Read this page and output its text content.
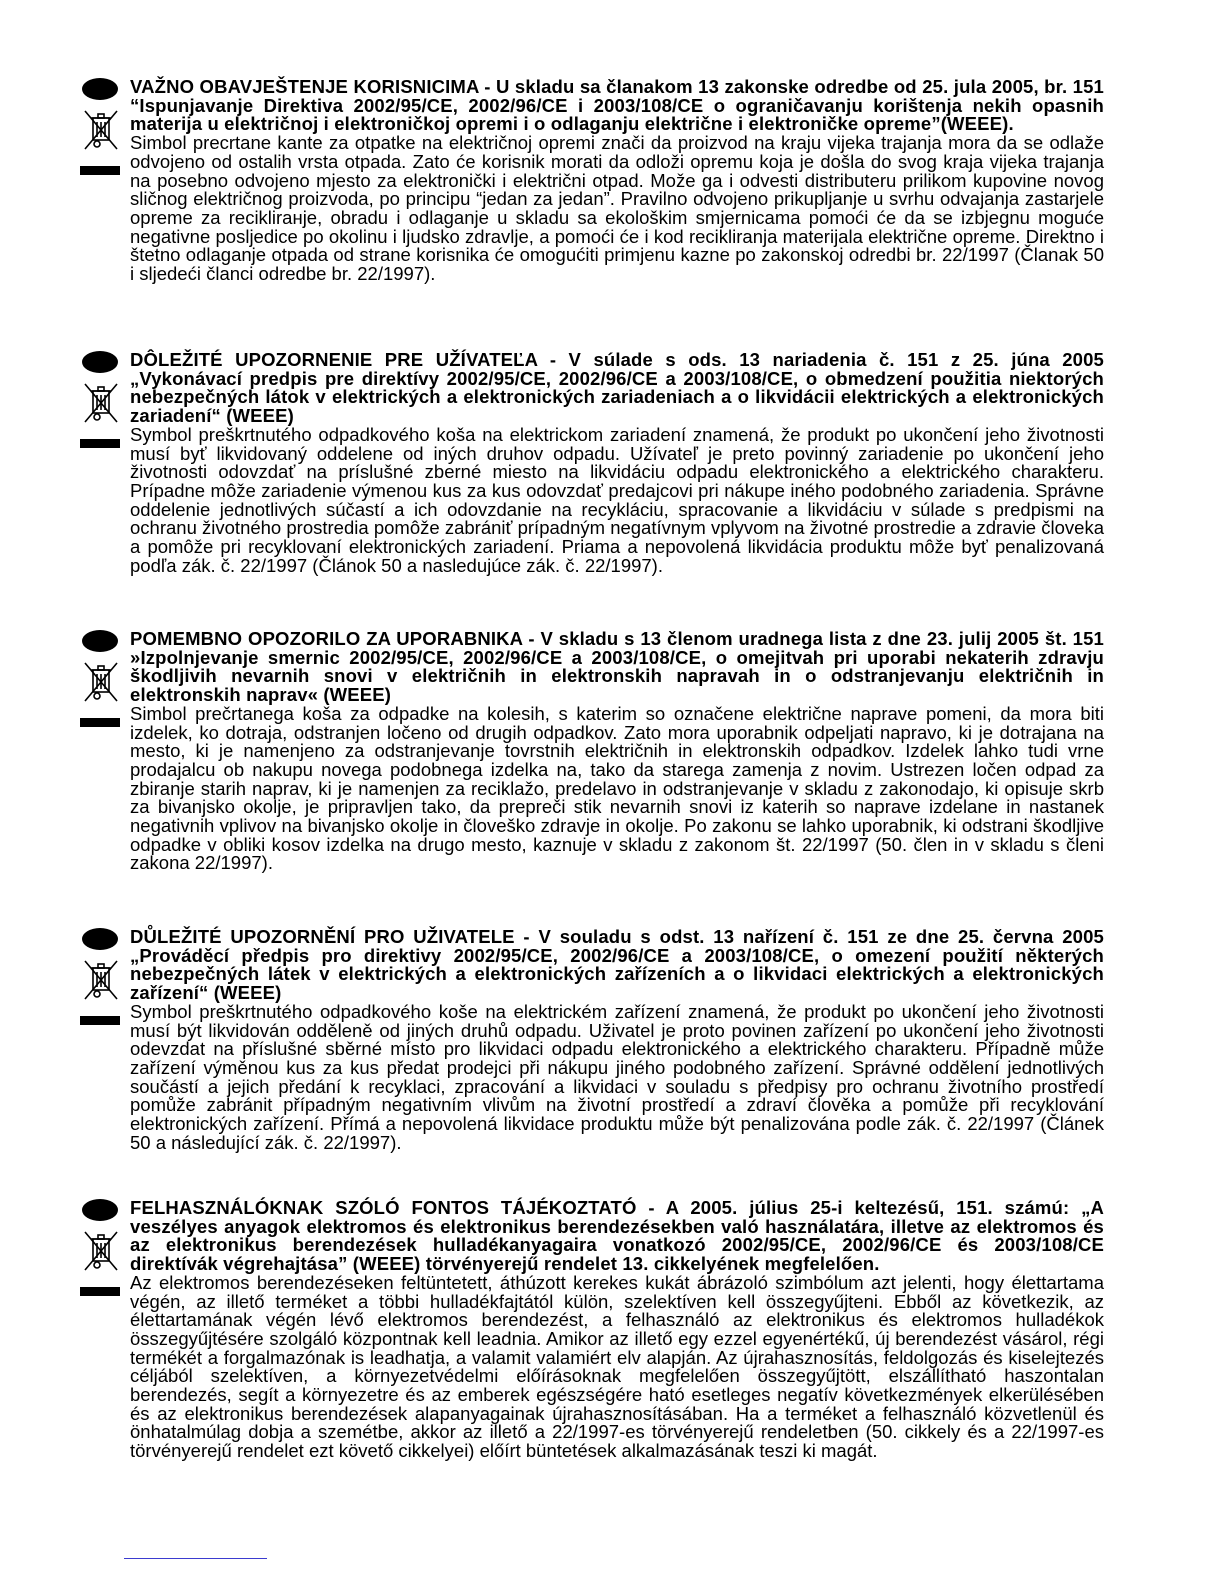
VAŽNO OBAVJEŠTENJE KORISNICIMA - U skladu sa članakom 13 zakonske odredbe od 25. jula 2005, br. 151 “Ispunjavanje Direktiva 2002/95/CE, 2002/96/CE i 2003/108/CE o ograničavanju korištenja nekih opasnih materija u električnoj i elektroničkoj opremi i o odlaganju električne i elektroničke opreme”(WEEE).

Simbol precrtane kante za otpatke na električnoj opremi znači da proizvod na kraju vijeka trajanja mora da se odlaže odvojeno od ostalih vrsta otpada. Zato će korisnik morati da odloži opremu koja je došla do svog kraja vijeka trajanja na posebno odvojeno mjesto za elektronički i električni otpad. Može ga i odvesti distributeru prilikom kupovine novog sličnog električnog proizvoda, po principu “jedan za jedan”. Pravilno odvojeno prikupljanje u svrhu odvajanja zastarjele opreme za reciklirанje, obradu i odlaganje u skladu sa ekološkim smjernicama pomoći će da se izbjegnu moguće negativne posljedice po okolinu i ljudsko zdravlje, a pomoći će i kod recikliranja materijala električne opreme. Direktno i štetno odlaganje otpada od strane korisnika će omogućiti primjenu kazne po zakonskoj odredbi br. 22/1997 (Članak 50 i sljedeći članci odredbe br. 22/1997).

DÔLEŽITÉ UPOZORNENIE PRE UŽÍVATEĽA - V súlade s ods. 13 nariadenia č. 151 z 25. júna 2005 „Vykonávací predpis pre direktívy 2002/95/CE, 2002/96/CE a 2003/108/CE, o obmedzení použitia niektorých nebezpečných látok v elektrických a elektronických zariadeniach a o likvidácii elektrických a elektronických zariadení“ (WEEE)

Symbol preškrtnutého odpadkového koša na elektrickom zariadení znamená, že produkt po ukončení jeho životnosti musí byť likvidovaný oddelene od iných druhov odpadu. Užívateľ je preto povinný zariadenie po ukončení jeho životnosti odovzdať na príslušné zberné miesto na likvidáciu odpadu elektronického a elektrického charakteru. Prípadne môže zariadenie výmenou kus za kus odovzdať predajcovi pri nákupe iného podobného zariadenia. Správne oddelenie jednotlivých súčastí a ich odovzdanie na recykláciu, spracovanie a likvidáciu v súlade s predpismi na ochranu životného prostredia pomôže zabrániť prípadným negatívnym vplyvom na životné prostredie a zdravie človeka a pomôže pri recyklovaní elektronických zariadení. Priama a nepovolená likvidácia produktu môže byť penalizovaná podľa zák. č. 22/1997 (Článok 50 a nasledujúce zák. č. 22/1997).

POMEMBNO OPOZORILO ZA UPORABNIKA - V skladu s 13 členom uradnega lista z dne 23. julij 2005 št. 151 »Izpolnjevanje smernic 2002/95/CE, 2002/96/CE a 2003/108/CE, o omejitvah pri uporabi nekaterih zdravju škodljivih nevarnih snovi v električnih in elektronskih napravah in o odstranjevanju električnih in elektronskih naprav« (WEEE)

Simbol prečrtanega koša za odpadke na kolesih, s katerim so označene električne naprave pomeni, da mora biti izdelek, ko dotraja, odstranjen ločeno od drugih odpadkov. Zato mora uporabnik odpeljati napravo, ki je dotrajana na mesto, ki je namenjeno za odstranjevanje tovrstnih električnih in elektronskih odpadkov. Izdelek lahko tudi vrne prodajalcu ob nakupu novega podobnega izdelka na, tako da starega zamenja z novim. Ustrezen ločen odpad za zbiranje starih naprav, ki je namenjen za reciklažo, predelavo in odstranjevanje v skladu z zakonodajo, ki opisuje skrb za bivanjsko okolje, je pripravljen tako, da prepreči stik nevarnih snovi iz katerih so naprave izdelane in nastanek negativnih vplivov na bivanjsko okolje in človeško zdravje in okolje. Po zakonu se lahko uporabnik, ki odstrani škodljive odpadke v obliki kosov izdelka na drugo mesto, kaznuje v skladu z zakonom št. 22/1997 (50. člen in v skladu s členi zakona 22/1997).

DŮLEŽITÉ UPOZORNĚNÍ PRO UŽIVATELE - V souladu s odst. 13 nařízení č. 151 ze dne 25. června 2005 „Prováděcí předpis pro direktivy 2002/95/CE, 2002/96/CE a 2003/108/CE, o omezení použití některých nebezpečných látek v elektrických a elektronických zařízeních a o likvidaci elektrických a elektronických zařízení“ (WEEE)

Symbol preškrtnutého odpadkového koše na elektrickém zařízení znamená, že produkt po ukončení jeho životnosti musí být likvidován odděleně od jiných druhů odpadu. Uživatel je proto povinen zařízení po ukončení jeho životnosti odevzdat na příslušné sběrné místo pro likvidaci odpadu elektronického a elektrického charakteru. Případně může zařízení výměnou kus za kus předat prodejci při nákupu jiného podobného zařízení. Správné oddělení jednotlivých součástí a jejich předání k recyklaci, zpracování a likvidaci v souladu s předpisy pro ochranu životního prostředí pomůže zabránit případným negativním vlivům na životní prostředí a zdraví člověka a pomůže při recyklování elektronických zařízení. Přímá a nepovolená likvidace produktu může být penalizována podle zák. č. 22/1997 (Článek 50 a následující zák. č. 22/1997).

FELHASZNÁLÓKNAK SZÓLÓ FONTOS TÁJÉKOZTATÓ - A 2005. július 25-i keltezésű, 151. számú: „A veszélyes anyagok elektromos és elektronikus berendezésekben való használatára, illetve az elektromos és az elektronikus berendezések hulladékanyagaira vonatkozó 2002/95/CE, 2002/96/CE és 2003/108/CE direktívák végrehajtása” (WEEE) törvényerejű rendelet 13. cikkelyének megfelelően.

Az elektromos berendezéseken feltüntetett, áthúzott kerekes kukát ábrázoló szimbólum azt jelenti, hogy élettartama végén, az illető terméket a többi hulladékfajtától külön, szelektíven kell összegyűjteni. Ebből az következik, az élettartamának végén lévő elektromos berendezést, a felhasználó az elektronikus és elektromos hulladékok összegyűjtésére szolgáló központnak kell leadnia. Amikor az illető egy ezzel egyenértékű, új berendezést vásárol, régi termékét a forgalmazónak is leadhatja, a valamit valamiért elv alapján. Az újrahasznosítás, feldolgozás és kiselejtezés céljából szelektíven, a környezetvédelmi előírásoknak megfelelően összegyűjtött, elszállítható haszontalan berendezés, segít a környezetre és az emberek egészségére ható esetleges negatív következmények elkerülésében és az elektronikus berendezések alapanyagainak újrahasznosításában. Ha a terméket a felhasználó közvetlenül és önhatalmúlag dobja a szemétbe, akkor az illető a 22/1997-es törvényerejű rendeletben (50. cikkely és a 22/1997-es törvényerejű rendelet ezt követő cikkelyei) előírt büntetések alkalmazásának teszi ki magát.
